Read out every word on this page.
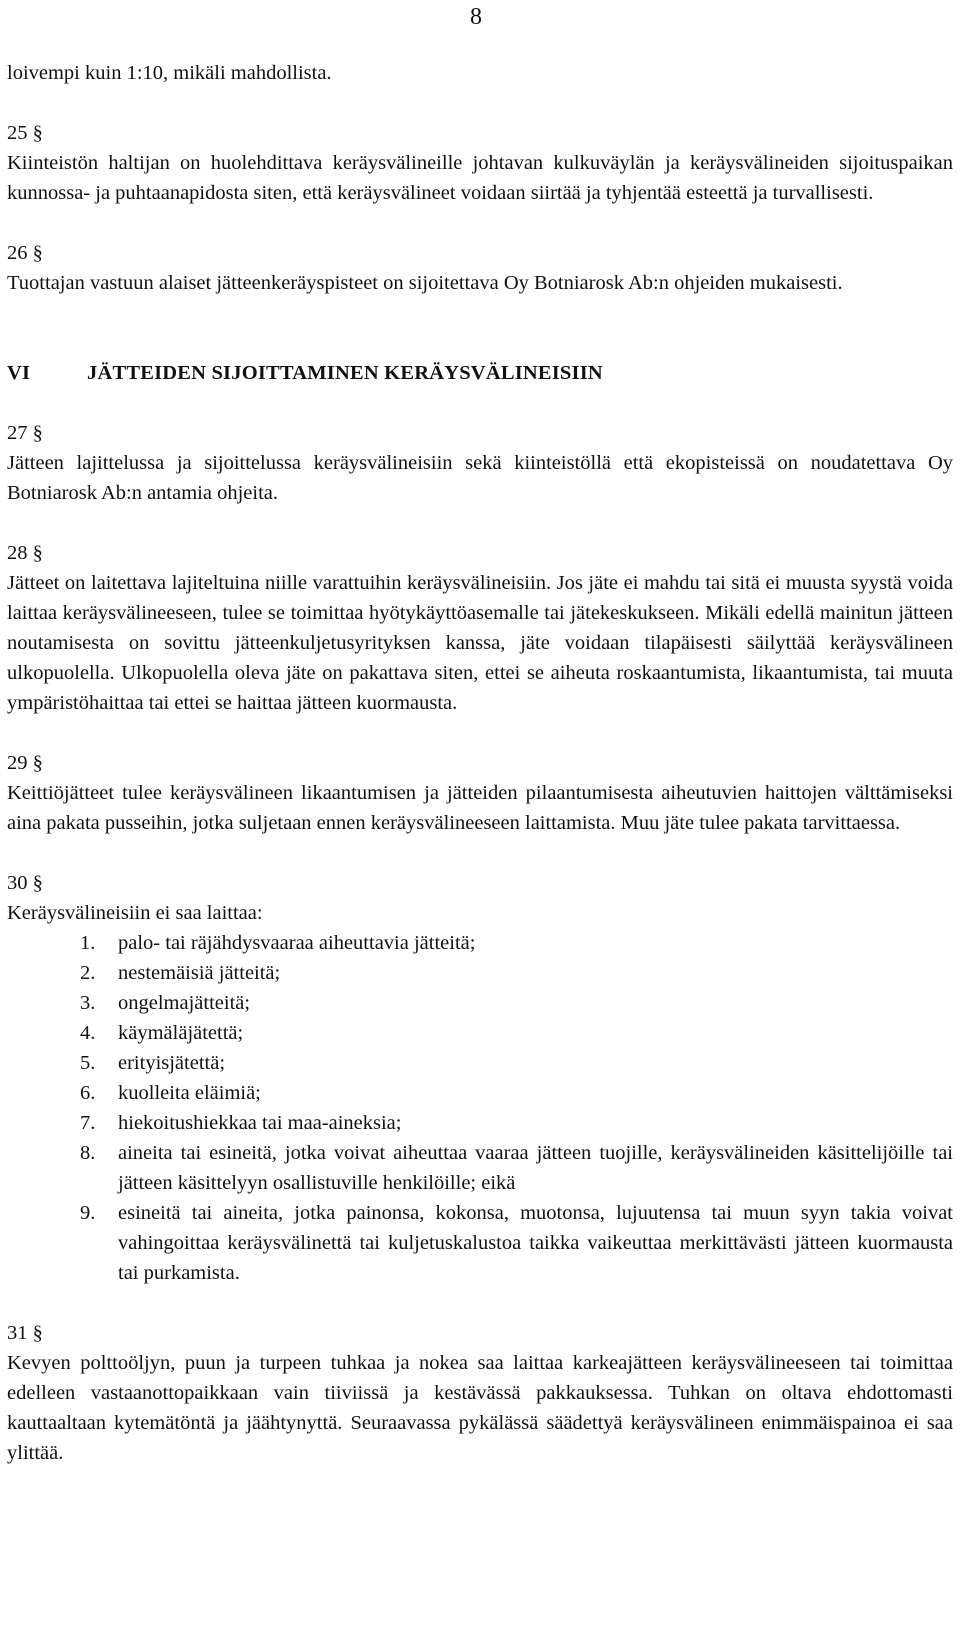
8

loivempi kuin 1:10, mikäli mahdollista.

25 §

Kiinteistön haltijan on huolehdittava keräysvälineille johtavan kulkuväylän ja keräysvälineiden sijoituspaikan kunnossa- ja puhtaanapidosta siten, että keräysvälineet voidaan siirtää ja tyhjentää esteettä ja turvallisesti.

26 §

Tuottajan vastuun alaiset jätteenkeräyspisteet on sijoitettava Oy Botniarosk Ab:n ohjeiden mukaisesti.

VI	JÄTTEIDEN SIJOITTAMINEN KERÄYSVÄLINEISIIN

27 §

Jätteen lajittelussa ja sijoittelussa keräysvälineisiin sekä kiinteistöllä että ekopisteissä on noudatettava Oy Botniarosk Ab:n antamia ohjeita.

28 §

Jätteet on laitettava lajiteltuina niille varattuihin keräysvälineisiin. Jos jäte ei mahdu tai sitä ei muusta syystä voida laittaa keräysvälineeseen, tulee se toimittaa hyötykäyttöasemalle tai jätekeskukseen. Mikäli edellä mainitun jätteen noutamisesta on sovittu jätteenkuljetusyrityksen kanssa, jäte voidaan tilapäisesti säilyttää keräysvälineen ulkopuolella. Ulkopuolella oleva jäte on pakattava siten, ettei se aiheuta roskaantumista, likaantumista, tai muuta ympäristöhaittaa tai ettei se haittaa jätteen kuormausta.

29 §

Keittiöjätteet tulee keräysvälineen likaantumisen ja jätteiden pilaantumisesta aiheutuvien haittojen välttämiseksi aina pakata pusseihin, jotka suljetaan ennen keräysvälineeseen laittamista. Muu jäte tulee pakata tarvittaessa.

30 §

Keräysvälineisiin ei saa laittaa:

1.	palo- tai räjähdysvaaraa aiheuttavia jätteitä;
2.	nestemäisiä jätteitä;
3.	ongelmajätteitä;
4.	käymäläjätettä;
5.	erityisjätettä;
6.	kuolleita eläimiä;
7.	hiekoitushiekkaa tai maa-aineksia;
8.	aineita tai esineitä, jotka voivat aiheuttaa vaaraa jätteen tuojille, keräysvälineiden käsittelijöille tai jätteen käsittelyyn osallistuville henkilöille; eikä
9.	esineitä tai aineita, jotka painonsa, kokonsa, muotonsa, lujuutensa tai muun syyn takia voivat vahingoittaa keräysvälinettä tai kuljetuskalustoa taikka vaikeuttaa merkittävästi jätteen kuormausta tai purkamista.

31 §

Kevyen polttoöljyn, puun ja turpeen tuhkaa ja nokea saa laittaa karkeajätteen keräysvälineeseen tai toimittaa edelleen vastaanottopaikkaan vain tiiviissä ja kestävässä pakkauksessa. Tuhkan on oltava ehdottomasti kauttaaltaan kytemätöntä ja jäähtynyttä. Seuraavassa pykälässä säädettyä keräysvälineen enimmäispainoa ei saa ylittää.
